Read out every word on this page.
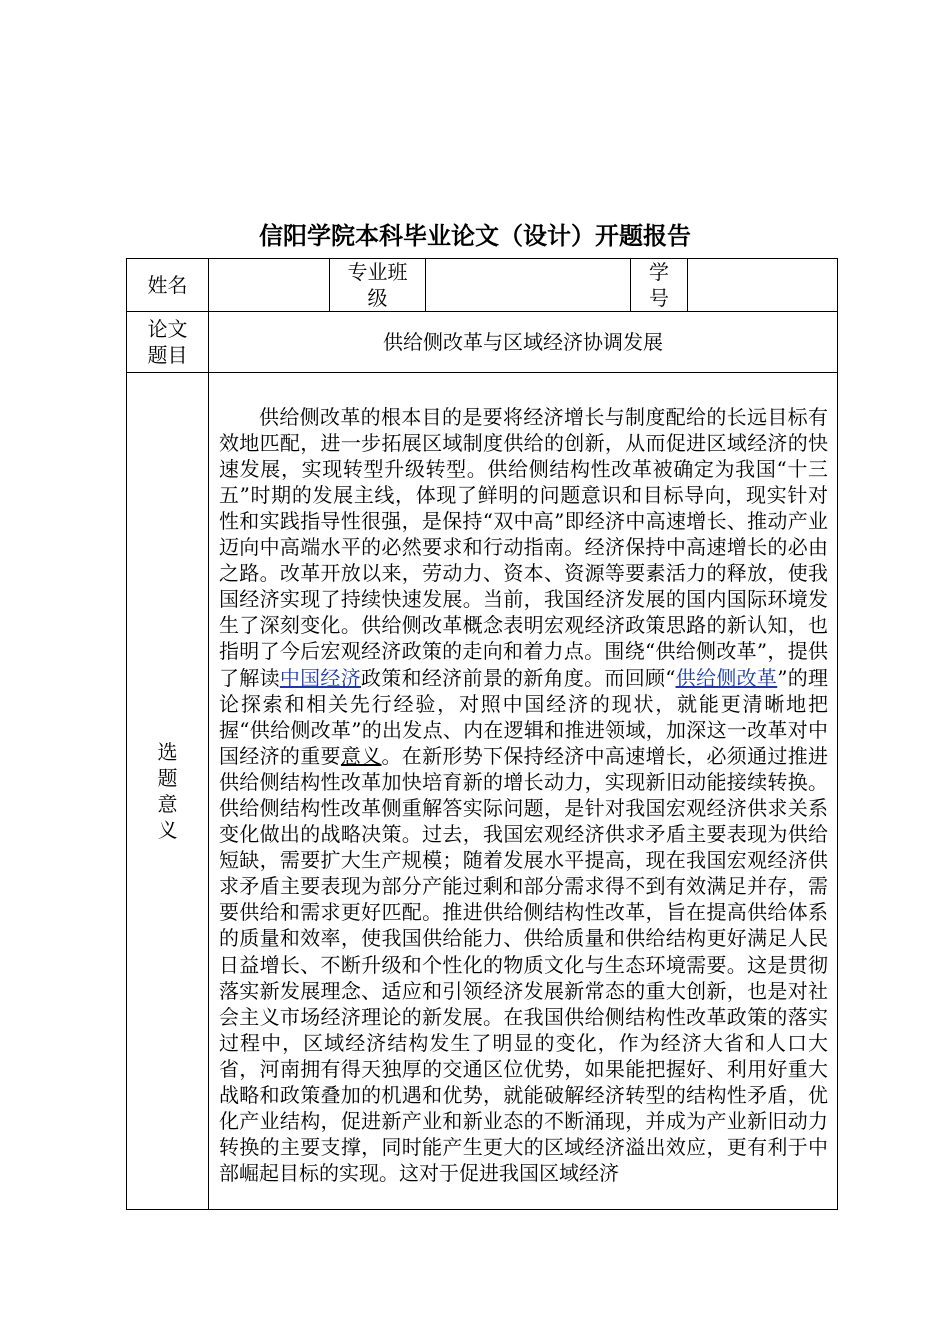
信阳学院本科毕业论文（设计）开题报告
姓名		专业班级		学号	

论文题目	供给侧改革与区域经济协调发展				

选题意义	供给侧改革的根本目的是要将经济增长与制度配给的长远目标有效地匹配，进一步拓展区域制度供给的创新，从而促进区域经济的快速发展，实现转型升级转型。供给侧结构性改革被确定为我国“十三五”时期的发展主线，体现了鲜明的问题意识和目标导向，现实针对性和实践指导性很强，是保持“双中高”即经济中高速增长、推动产业迈向中高端水平的必然要求和行动指南。经济保持中高速增长的必由之路。改革开放以来，劳动力、资本、资源等要素活力的释放，使我国经济实现了持续快速发展。当前，我国经济发展的国内国际环境发生了深刻变化。供给侧改革概念表明宏观经济政策思路的新认知，也指明了今后宏观经济政策的走向和着力点。围绕“供给侧改革”，提供了解读中国经济政策和经济前景的新角度。而回顾“供给侧改革”的理论探索和相关先行经验，对照中国经济的现状，就能更清晰地把握“供给侧改革”的出发点、内在逻辑和推进领域，加深这一改革对中国经济的重要意义。在新形势下保持经济中高速增长，必须通过推进供给侧结构性改革加快培育新的增长动力，实现新旧动能接续转换。供给侧结构性改革侧重解答实际问题，是针对我国宏观经济供求关系变化做出的战略决策。过去，我国宏观经济供求矛盾主要表现为供给短缺，需要扩大生产规模；随着发展水平提高，现在我国宏观经济供求矛盾主要表现为部分产能过剩和部分需求得不到有效满足并存，需要供给和需求更好匹配。推进供给侧结构性改革，旨在提高供给体系的质量和效率，使我国供给能力、供给质量和供给结构更好满足人民日益增长、不断升级和个性化的物质文化与生态环境需要。这是贯彻落实新发展理念、适应和引领经济发展新常态的重大创新，也是对社会主义市场经济理论的新发展。在我国供给侧结构性改革政策的落实过程中，区域经济结构发生了明显的变化，作为经济大省和人口大省，河南拥有得天独厚的交通区位优势，如果能把握好、利用好重大战略和政策叠加的机遇和优势，就能破解经济转型的结构性矛盾，优化产业结构，促进新产业和新业态的不断涌现，并成为产业新旧动力转换的主要支撑，同时能产生更大的区域经济溢出效应，更有利于中部崛起目标的实现。这对于促进我国区域经济				
